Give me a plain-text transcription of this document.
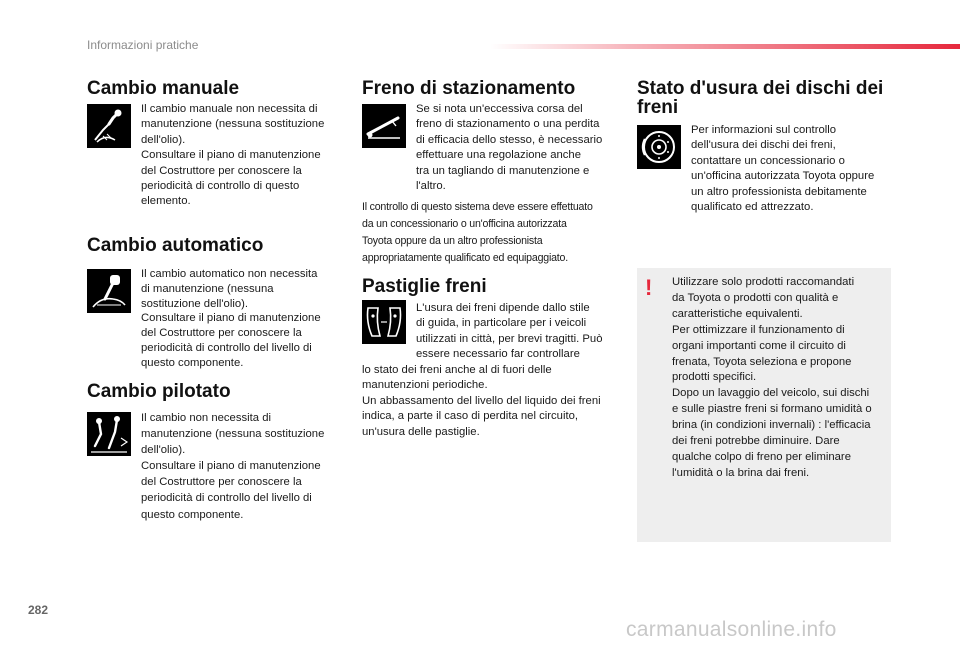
Informazioni pratiche
Cambio manuale

Il cambio manuale non necessita di
manutenzione (nessuna sostituzione
dell'olio).
Consultare il piano di manutenzione
del Costruttore per conoscere la
periodicità di controllo di questo
elemento.

Cambio automatico

Il cambio automatico non necessita
di manutenzione (nessuna
sostituzione dell'olio).
Consultare il piano di manutenzione
del Costruttore per conoscere la
periodicità di controllo del livello di
questo componente.

Cambio pilotato

Il cambio non necessita di
manutenzione (nessuna sostituzione
dell'olio).
Consultare il piano di manutenzione
del Costruttore per conoscere la
periodicità di controllo del livello di
questo componente.

Freno di stazionamento

Se si nota un'eccessiva corsa del
freno di stazionamento o una perdita
di efficacia dello stesso, è necessario
effettuare una regolazione anche
tra un tagliando di manutenzione e
l'altro.

Il controllo di questo sistema deve essere effettuato
da un concessionario o un'officina autorizzata
Toyota oppure da un altro professionista
appropriatamente qualificato ed equipaggiato.

Pastiglie freni

L'usura dei freni dipende dallo stile
di guida, in particolare per i veicoli
utilizzati in città, per brevi tragitti. Può
essere necessario far controllare

lo stato dei freni anche al di fuori delle
manutenzioni periodiche.
Un abbassamento del livello del liquido dei freni
indica, a parte il caso di perdita nel circuito,
un'usura delle pastiglie.

Stato d'usura dei dischi dei
freni

Per informazioni sul controllo
dell'usura dei dischi dei freni,
contattare un concessionario o
un'officina autorizzata Toyota oppure
un altro professionista debitamente
qualificato ed attrezzato.

! Utilizzare solo prodotti raccomandati
da Toyota o prodotti con qualità e
caratteristiche equivalenti.
Per ottimizzare il funzionamento di
organi importanti come il circuito di
frenata, Toyota seleziona e propone
prodotti specifici.
Dopo un lavaggio del veicolo, sui dischi
e sulle piastre freni si formano umidità o
brina (in condizioni invernali) : l'efficacia
dei freni potrebbe diminuire. Dare
qualche colpo di freno per eliminare
l'umidità o la brina dai freni.

282
carmanualsonline.info
